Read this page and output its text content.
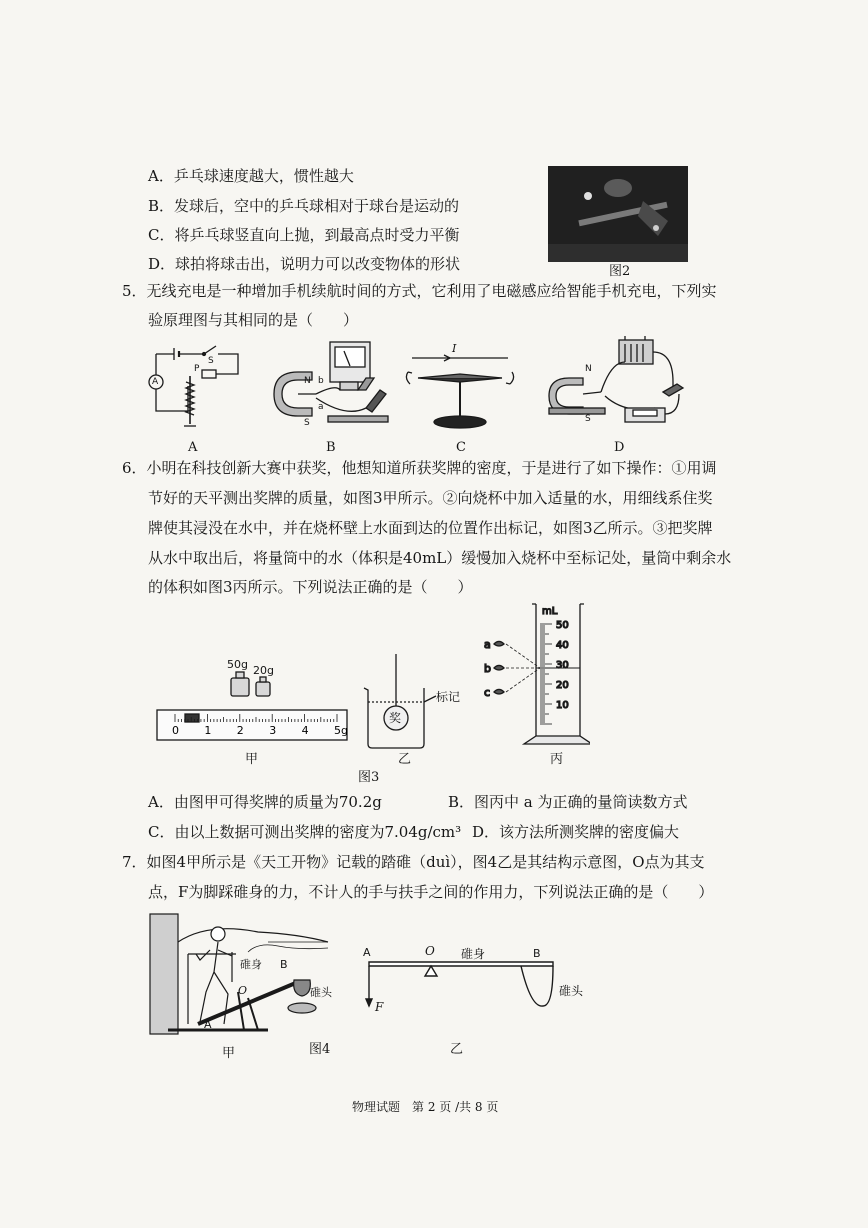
A．乒乓球速度越大，惯性越大
B．发球后，空中的乒乓球相对于球台是运动的
C．将乒乓球竖直向上抛，到最高点时受力平衡
D．球拍将球击出，说明力可以改变物体的形状	图2
5．无线充电是一种增加手机续航时间的方式，它利用了电磁感应给智能手机充电，下列实
验原理图与其相同的是（　　）
A
S
P
A
N b
a
S
B
I
C
N
S
D
6．小明在科技创新大赛中获奖，他想知道所获奖牌的密度，于是进行了如下操作：①用调
节好的天平测出奖牌的质量，如图3甲所示。②向烧杯中加入适量的水，用细线系住奖
牌使其浸没在水中，并在烧杯壁上水面到达的位置作出标记，如图3乙所示。③把奖牌
从水中取出后，将量筒中的水（体积是40mL）缓慢加入烧杯中至标记处，量筒中剩余水
的体积如图3丙所示。下列说法正确的是（　　）
50g 20g
0 1 2 3 4 5g
甲
奖
标记
乙
50
40
30
20
10
mL
a
b
c
丙
图3
A．由图甲可得奖牌的质量为70.2g	B．图丙中 a 为正确的量筒读数方式
C．由以上数据可测出奖牌的密度为7.04g/cm³ D．该方法所测奖牌的密度偏大
7．如图4甲所示是《天工开物》记载的踏碓（duì），图4乙是其结构示意图，O点为其支
点，F为脚踩碓身的力，不计人的手与扶手之间的作用力，下列说法正确的是（　　）
碓身 B
O	碓头
A
甲	图4
A	O 碓身	B
碓头
F
乙
物理试题　第 2 页 /共 8 页
